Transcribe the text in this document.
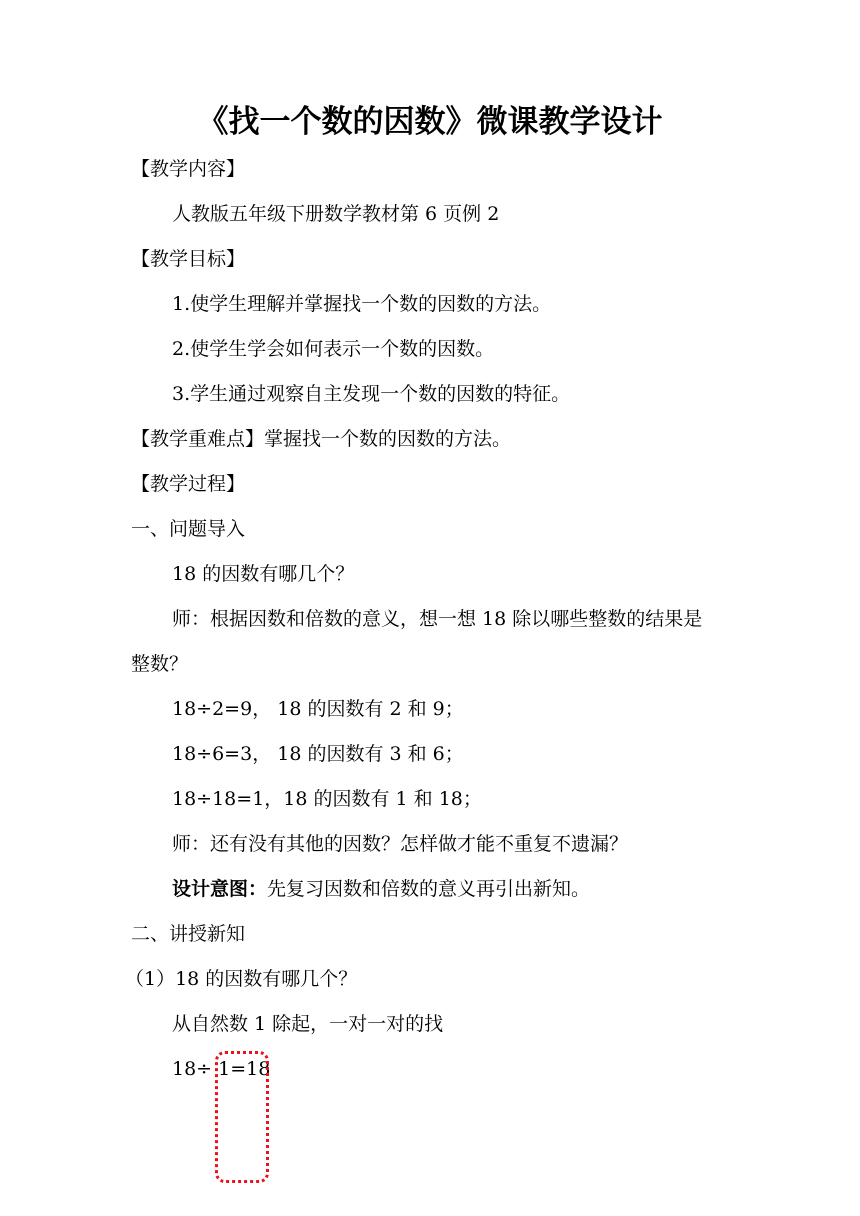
《找一个数的因数》微课教学设计
【教学内容】
人教版五年级下册数学教材第 6 页例 2
【教学目标】
1.使学生理解并掌握找一个数的因数的方法。
2.使学生学会如何表示一个数的因数。
3.学生通过观察自主发现一个数的因数的特征。
【教学重难点】掌握找一个数的因数的方法。
【教学过程】
一、问题导入
18 的因数有哪几个？
师：根据因数和倍数的意义，想一想 18 除以哪些整数的结果是
整数？
18÷2=9， 18 的因数有 2 和 9；
18÷6=3， 18 的因数有 3 和 6；
18÷18=1，18 的因数有 1 和 18；
师：还有没有其他的因数？怎样做才能不重复不遗漏？
设计意图：先复习因数和倍数的意义再引出新知。
二、讲授新知
（1）18 的因数有哪几个？
从自然数 1 除起，一对一对的找
18÷ 1=18
